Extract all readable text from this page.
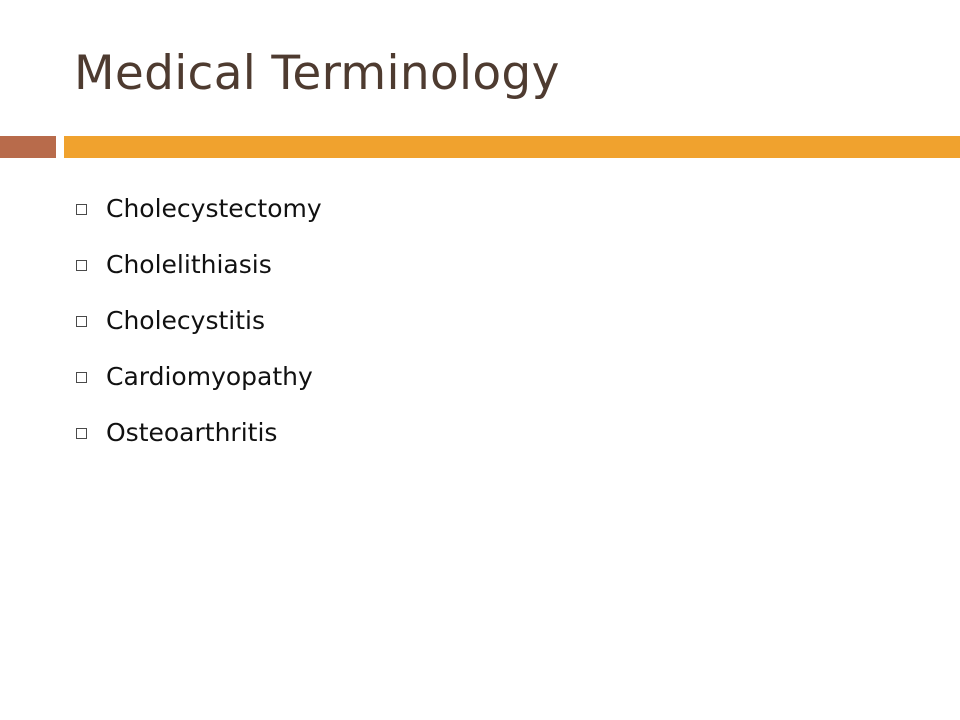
Medical Terminology
Cholecystectomy
Cholelithiasis
Cholecystitis
Cardiomyopathy
Osteoarthritis
